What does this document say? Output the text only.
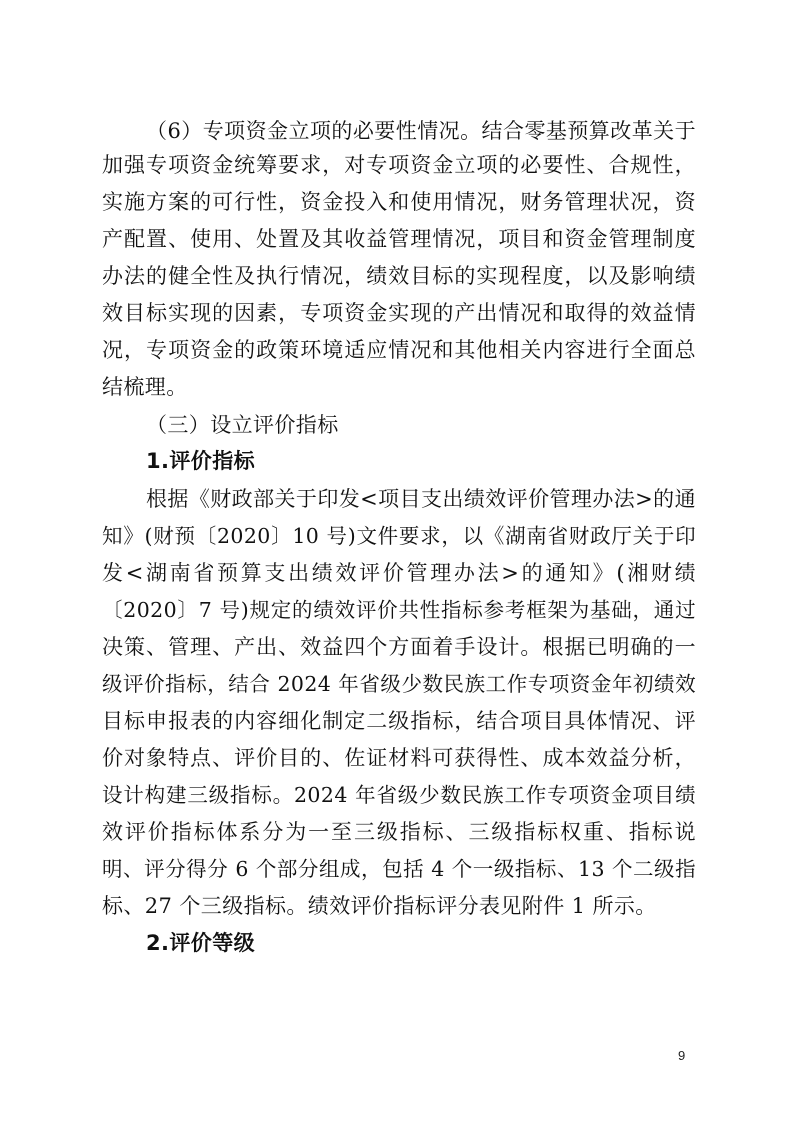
（6）专项资金立项的必要性情况。结合零基预算改革关于
加强专项资金统筹要求，对专项资金立项的必要性、合规性，
实施方案的可行性，资金投入和使用情况，财务管理状况，资
产配置、使用、处置及其收益管理情况，项目和资金管理制度
办法的健全性及执行情况，绩效目标的实现程度，以及影响绩
效目标实现的因素，专项资金实现的产出情况和取得的效益情
况，专项资金的政策环境适应情况和其他相关内容进行全面总
结梳理。
（三）设立评价指标
1.评价指标
根据《财政部关于印发<项目支出绩效评价管理办法>的通
知》(财预〔2020〕10 号)文件要求，以《湖南省财政厅关于印
发<湖南省预算支出绩效评价管理办法>的通知》(湘财绩
〔2020〕7 号)规定的绩效评价共性指标参考框架为基础，通过
决策、管理、产出、效益四个方面着手设计。根据已明确的一
级评价指标，结合 2024 年省级少数民族工作专项资金年初绩效
目标申报表的内容细化制定二级指标，结合项目具体情况、评
价对象特点、评价目的、佐证材料可获得性、成本效益分析，
设计构建三级指标。2024 年省级少数民族工作专项资金项目绩
效评价指标体系分为一至三级指标、三级指标权重、指标说
明、评分得分 6 个部分组成，包括 4 个一级指标、13 个二级指
标、27 个三级指标。绩效评价指标评分表见附件 1 所示。
2.评价等级
9
